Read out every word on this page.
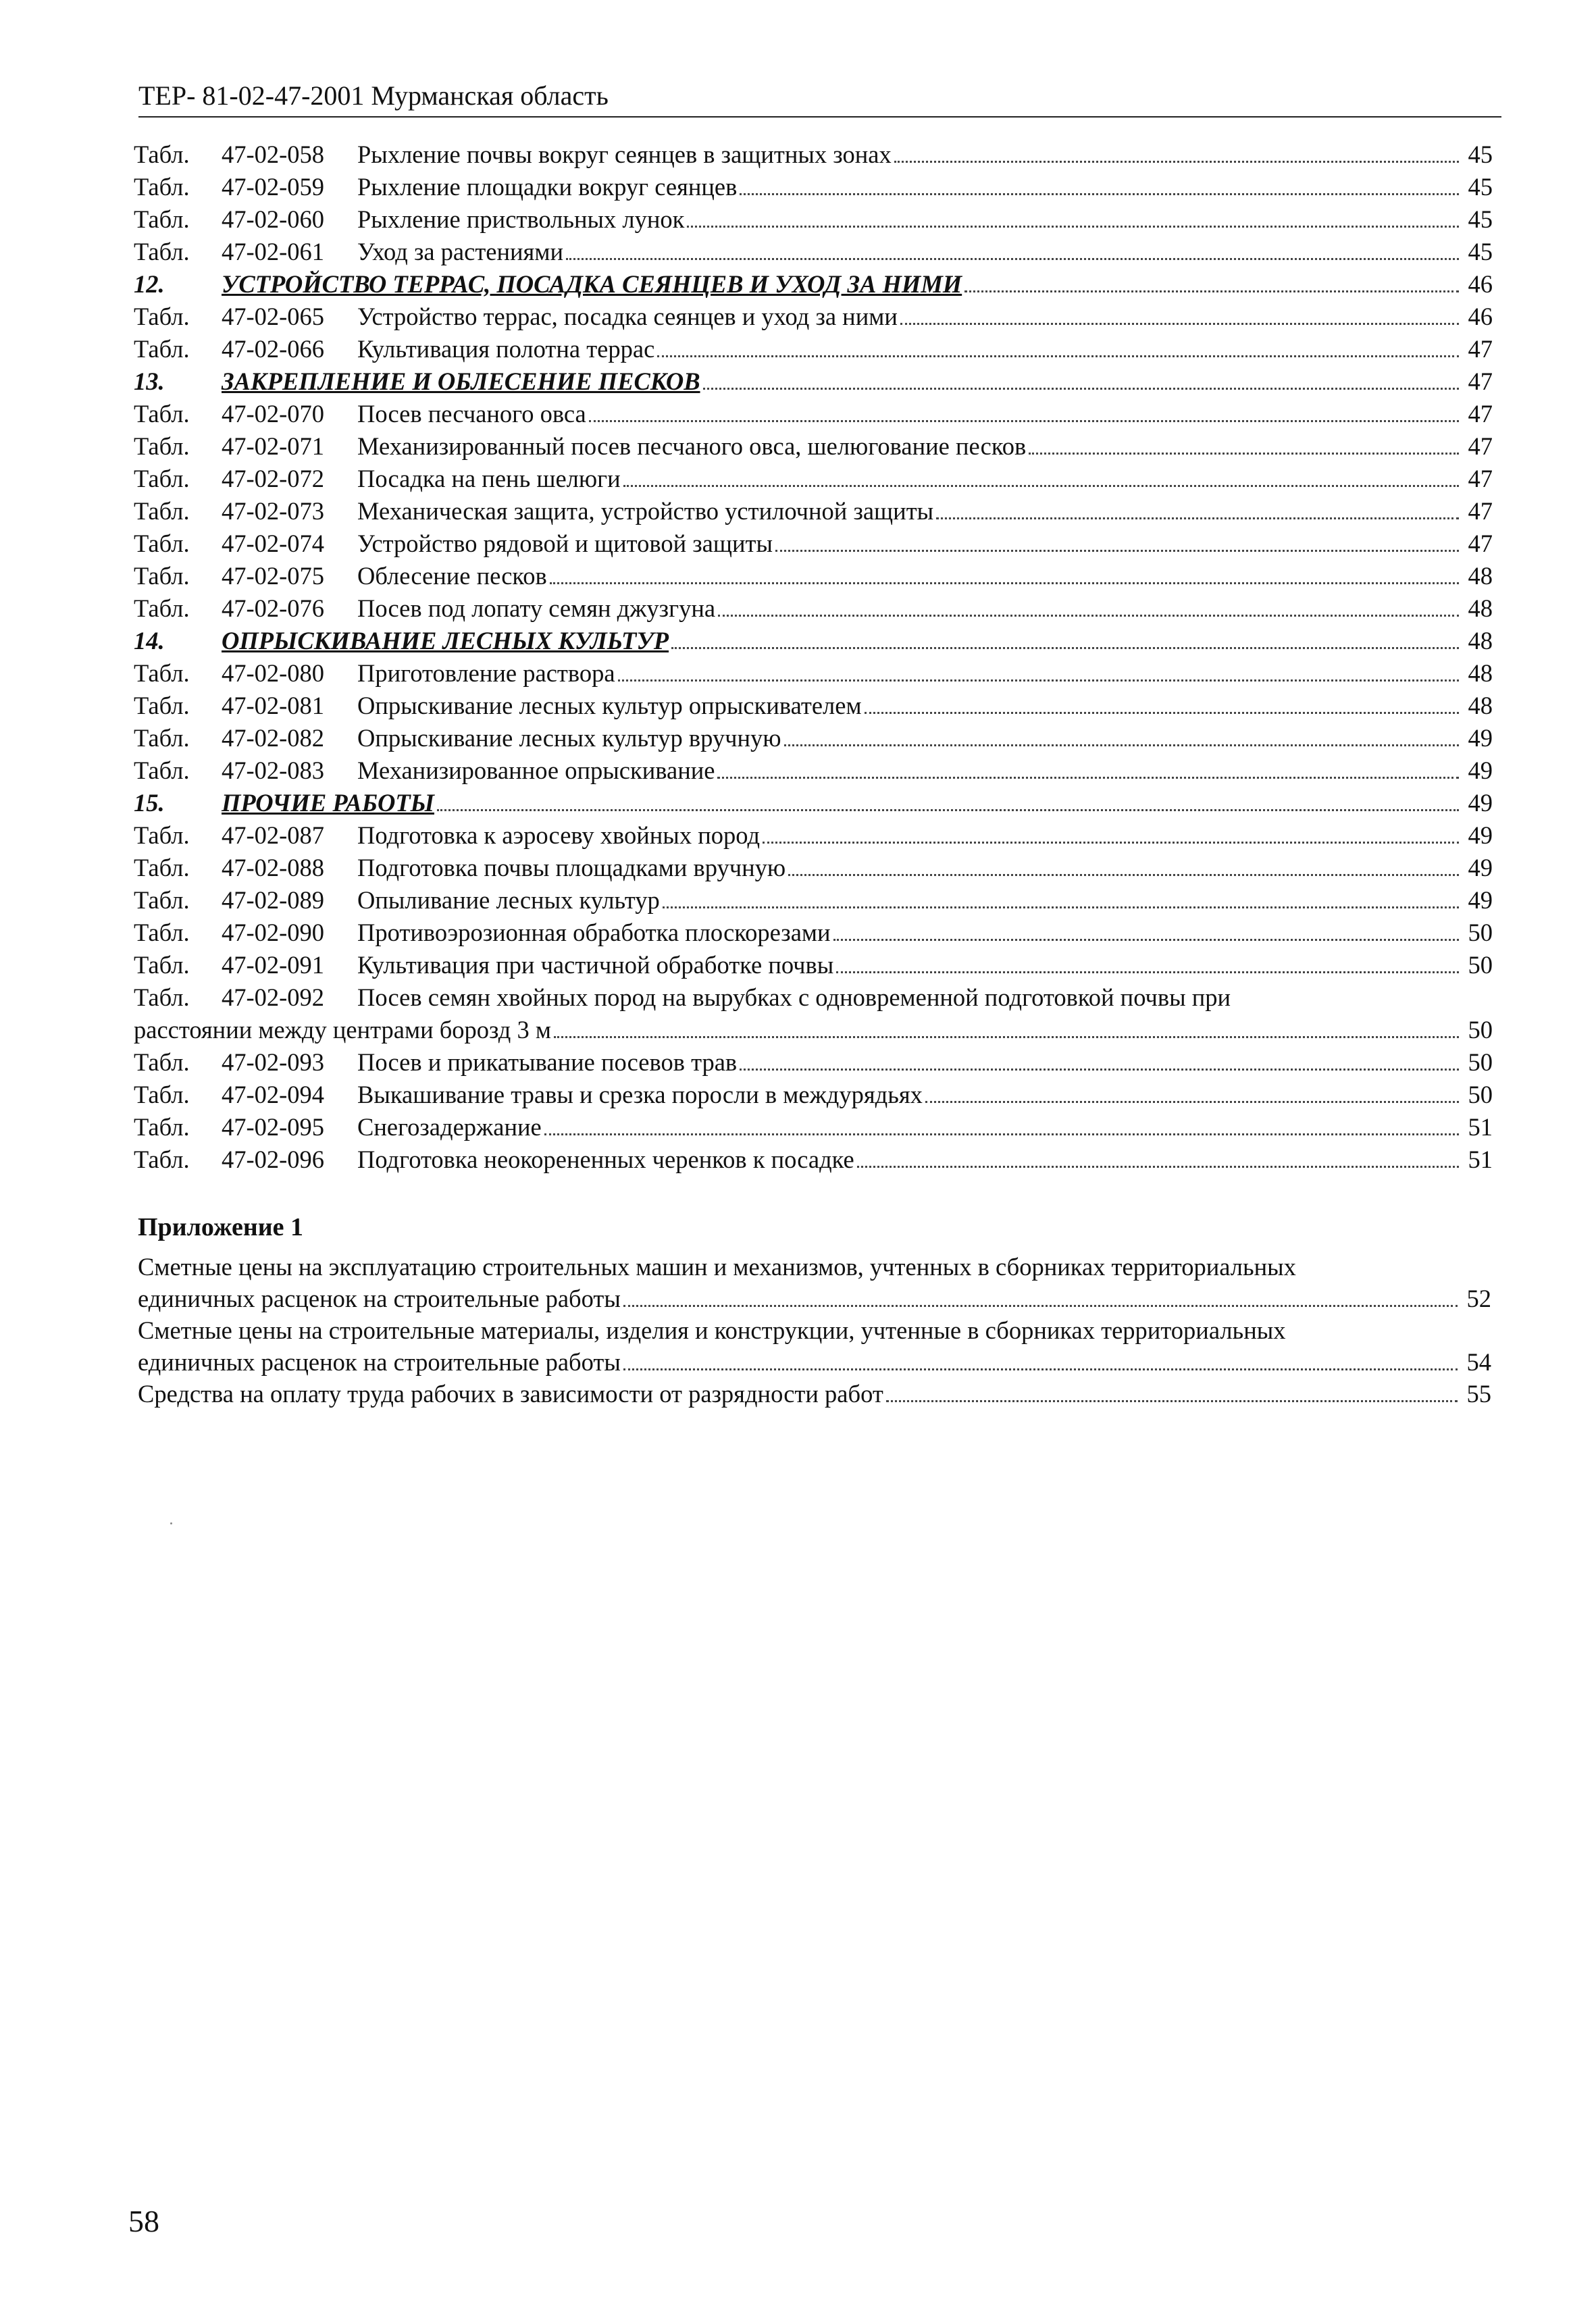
ТЕР- 81-02-47-2001 Мурманская область
Табл.	47-02-058	Рыхление почвы вокруг сеянцев в защитных зонах	45
Табл.	47-02-059	Рыхление площадки вокруг сеянцев	45
Табл.	47-02-060	Рыхление приствольных лунок	45
Табл.	47-02-061	Уход за растениями	45
12.	УСТРОЙСТВО ТЕРРАС, ПОСАДКА СЕЯНЦЕВ И УХОД ЗА НИМИ	46
Табл.	47-02-065	Устройство террас, посадка сеянцев и уход за ними	46
Табл.	47-02-066	Культивация полотна террас	47
13.	ЗАКРЕПЛЕНИЕ И ОБЛЕСЕНИЕ ПЕСКОВ	47
Табл.	47-02-070	Посев песчаного овса	47
Табл.	47-02-071	Механизированный посев песчаного овса, шелюгование песков	47
Табл.	47-02-072	Посадка на пень шелюги	47
Табл.	47-02-073	Механическая защита, устройство устилочной защиты	47
Табл.	47-02-074	Устройство рядовой и щитовой защиты	47
Табл.	47-02-075	Облесение песков	48
Табл.	47-02-076	Посев под лопату семян джузгуна	48
14.	ОПРЫСКИВАНИЕ ЛЕСНЫХ КУЛЬТУР	48
Табл.	47-02-080	Приготовление раствора	48
Табл.	47-02-081	Опрыскивание лесных культур опрыскивателем	48
Табл.	47-02-082	Опрыскивание лесных культур вручную	49
Табл.	47-02-083	Механизированное опрыскивание	49
15.	ПРОЧИЕ РАБОТЫ	49
Табл.	47-02-087	Подготовка к аэросеву хвойных пород	49
Табл.	47-02-088	Подготовка почвы площадками вручную	49
Табл.	47-02-089	Опыливание лесных культур	49
Табл.	47-02-090	Противоэрозионная обработка плоскорезами	50
Табл.	47-02-091	Культивация при частичной обработке почвы	50
Табл.	47-02-092	Посев семян хвойных пород на вырубках с одновременной подготовкой почвы при
расстоянии между центрами борозд 3 м	50
Табл.	47-02-093	Посев и прикатывание посевов трав	50
Табл.	47-02-094	Выкашивание травы и срезка поросли в междурядьях	50
Табл.	47-02-095	Снегозадержание	51
Табл.	47-02-096	Подготовка неокорененных черенков к посадке	51
Приложение 1
Сметные цены на эксплуатацию строительных машин и механизмов, учтенных в сборниках территориальных
единичных расценок на строительные работы	52
Сметные цены на строительные материалы, изделия и конструкции, учтенные в сборниках территориальных
единичных расценок на строительные работы	54
Средства на оплату труда рабочих в зависимости от разрядности работ	55
58
